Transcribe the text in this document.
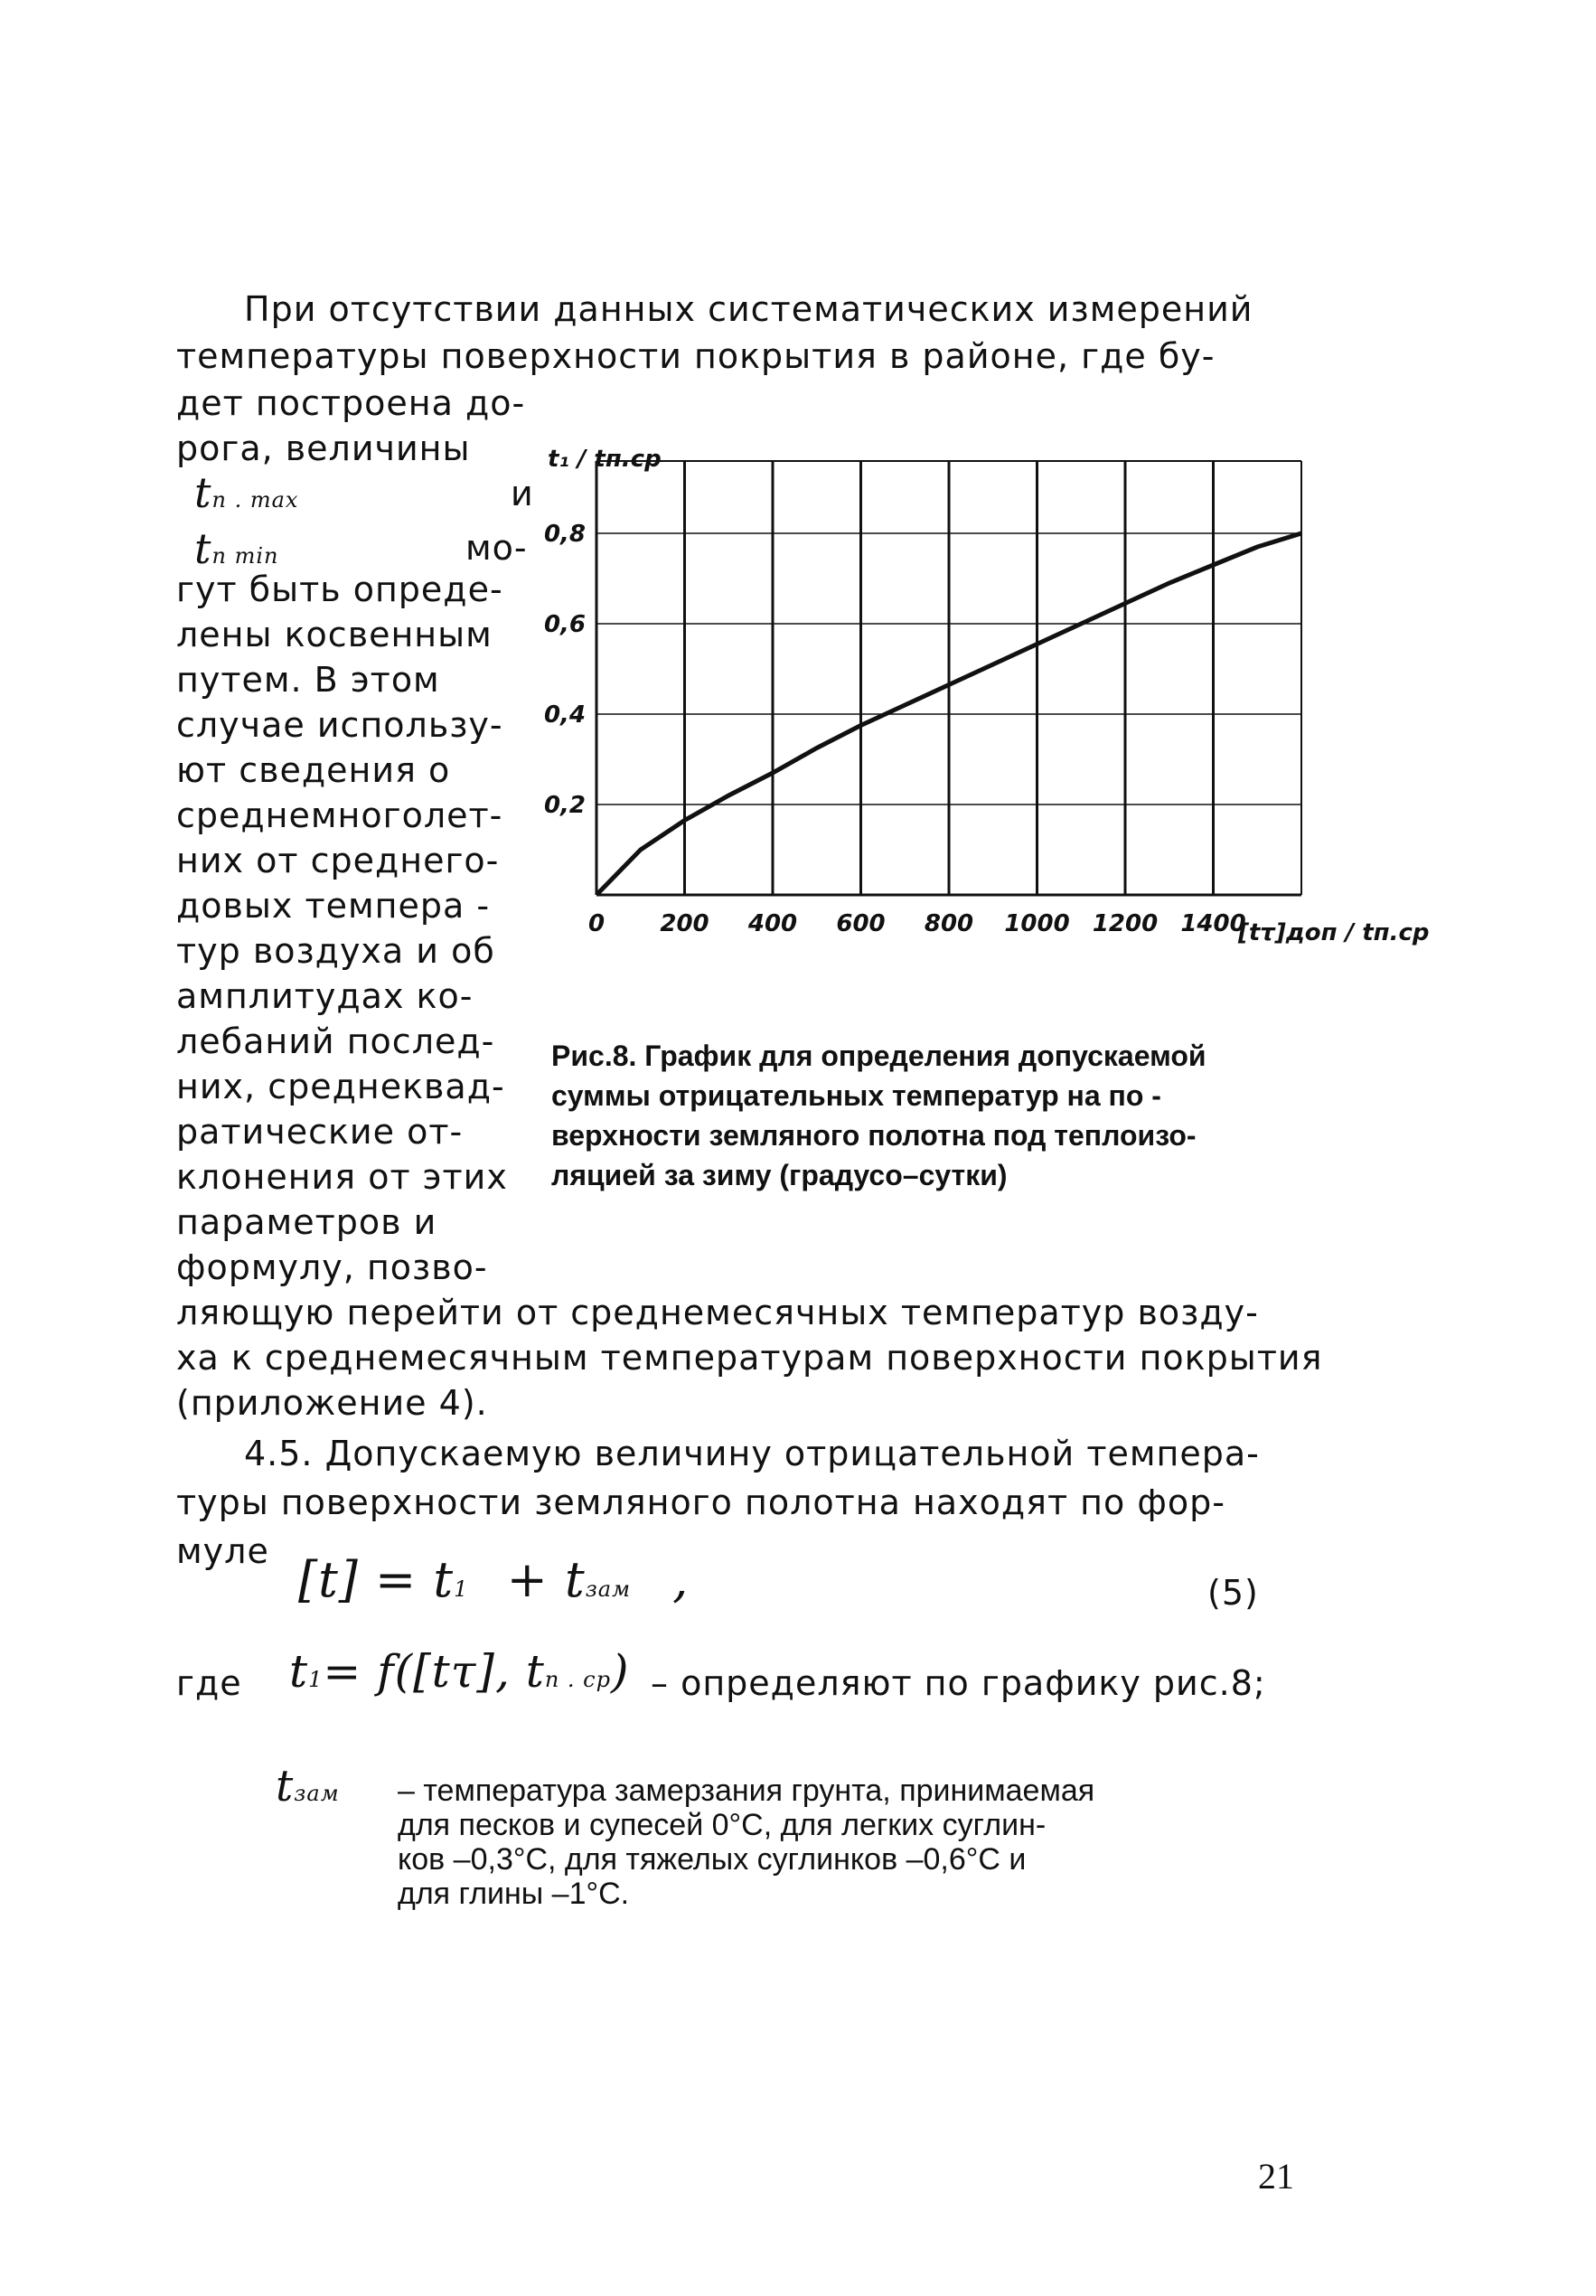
При отсутствии данных систематических измерений
температуры поверхности покрытия в районе, где бу-
дет построена до-
рога, величины
tп . max	и
tп min	мо-
гут быть опреде-
лены косвенным
путем. В этом
случае использу-
ют сведения о
среднемноголет-
них от среднего-
довых темпера -
тур воздуха и об
амплитудах ко-
лебаний послед-
них, среднеквад-
ратические от-
клонения от этих
параметров и
формулу, позво-
0 200 400 600 800 1000 1200 1400
0,2
0,4
0,6
0,8
t₁ / tп.ср
[tτ]доп / tп.ср
Рис.8. График для определения допускаемой
суммы отрицательных температур на по -
верхности земляного полотна под теплоизо-
ляцией за зиму (градусо–сутки)
ляющую перейти от среднемесячных температур возду-
ха к среднемесячным температурам поверхности покрытия
(приложение 4).
4.5. Допускаемую величину отрицательной темпера-
туры поверхности земляного полотна находят по фор-
муле [t] = t1 + tзам ,	(5)
где t1= f([tτ], tп . ср) – определяют по графику рис.8;
tзам – температура замерзания грунта, принимаемая
для песков и супесей 0°C, для легких суглин-
ков –0,3°С, для тяжелых суглинков –0,6°С и
для глины –1°С.
21
